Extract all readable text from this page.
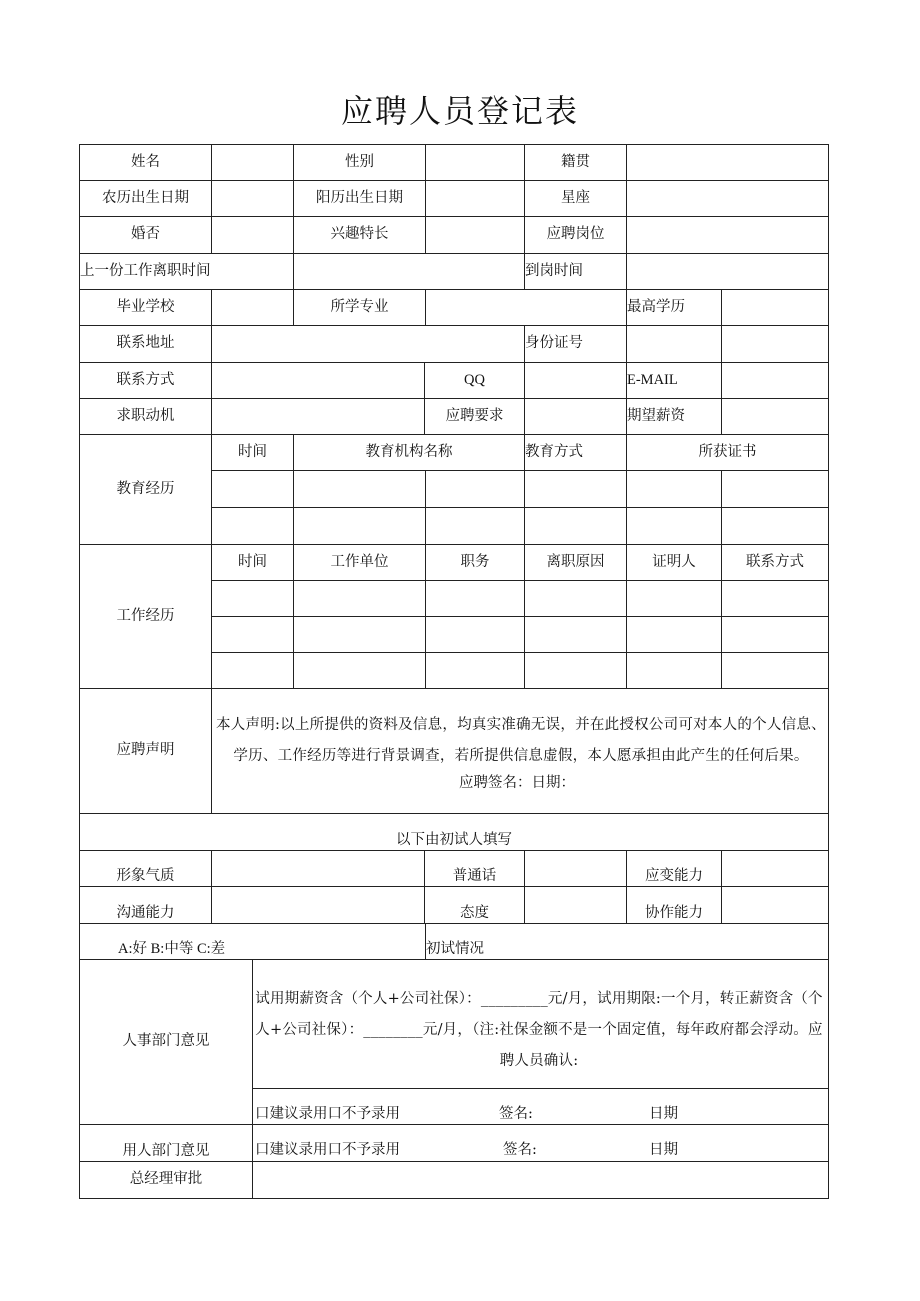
应聘人员登记表
姓名	性别	籍贯
农历出生日期	阳历出生日期	星座
婚否	兴趣特长	应聘岗位
上一份工作离职时间	到岗时间
毕业学校	所学专业	最高学历
联系地址	身份证号
联系方式	QQ	E-MAIL
求职动机	应聘要求	期望薪资
教育经历
时间	教育机构名称	教育方式	所获证书
工作经历
时间	工作单位	职务	离职原因	证明人	联系方式
应聘声明
本人声明:以上所提供的资料及信息，均真实准确无误，并在此授权公司可对本人的个人信息、学历、工作经历等进行背景调查，若所提供信息虚假，本人愿承担由此产生的任何后果。
应聘签名：日期：
以下由初试人填写
形象气质	普通话	应变能力
沟通能力	态度	协作能力
A:好 B:中等 C:差	初试情况
人事部门意见
试用期薪资含（个人+公司社保）：_________元/月，试用期限:一个月，转正薪资含（个人+公司社保）：________元/月，（注:社保金额不是一个固定值，每年政府都会浮动。应聘人员确认:
口建议录用口不予录用	签名:	日期
用人部门意见	口建议录用口不予录用	签名:	日期
总经理审批
